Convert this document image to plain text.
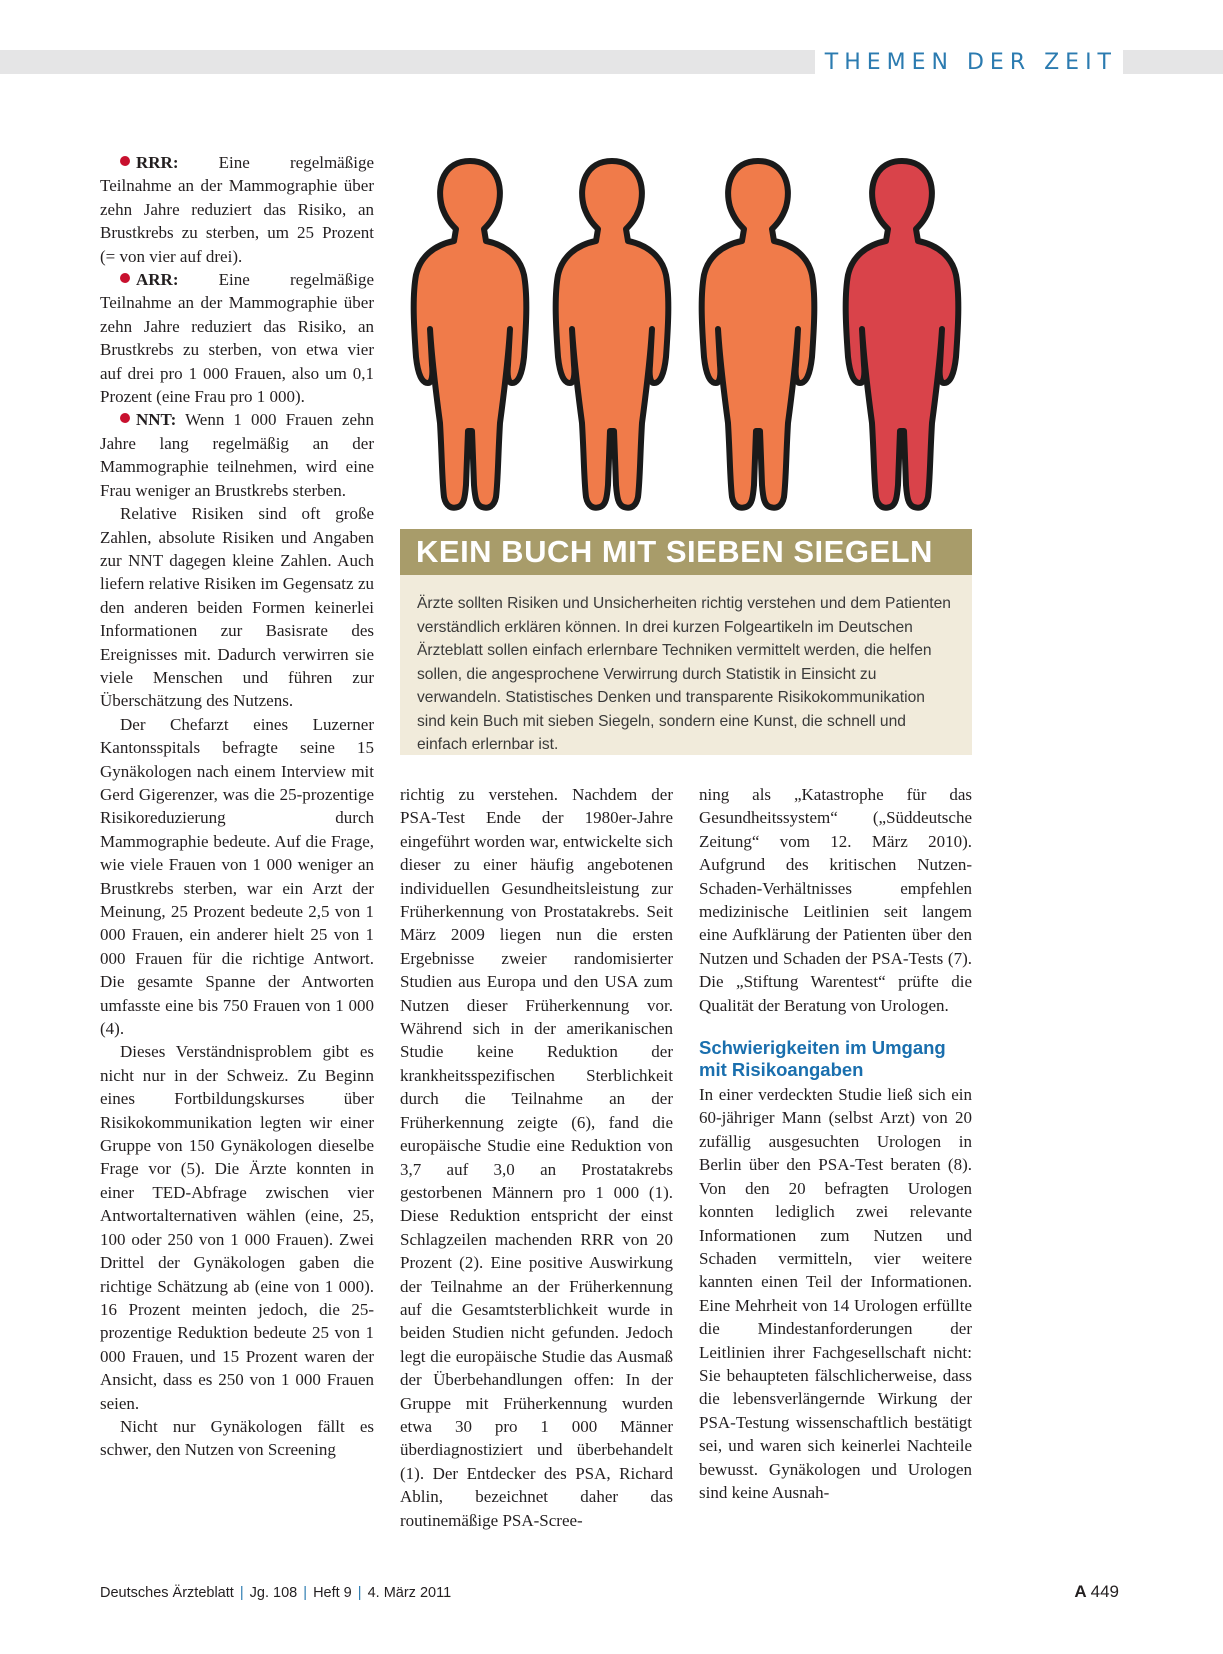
THEMEN DER ZEIT

RRR: Eine regelmäßige Teilnahme an der Mammographie über zehn Jahre reduziert das Risiko, an Brustkrebs zu sterben, um 25 Prozent (= von vier auf drei).

ARR: Eine regelmäßige Teilnahme an der Mammographie über zehn Jahre reduziert das Risiko, an Brustkrebs zu sterben, von etwa vier auf drei pro 1 000 Frauen, also um 0,1 Prozent (eine Frau pro 1 000).

NNT: Wenn 1 000 Frauen zehn Jahre lang regelmäßig an der Mammographie teilnehmen, wird eine Frau weniger an Brustkrebs sterben.

Relative Risiken sind oft große Zahlen, absolute Risiken und Angaben zur NNT dagegen kleine Zahlen. Auch liefern relative Risiken im Gegensatz zu den anderen beiden Formen keinerlei Informationen zur Basisrate des Ereignisses mit. Dadurch verwirren sie viele Menschen und führen zur Überschätzung des Nutzens.

Der Chefarzt eines Luzerner Kantonsspitals befragte seine 15 Gynäkologen nach einem Interview mit Gerd Gigerenzer, was die 25-prozentige Risikoreduzierung durch Mammographie bedeute. Auf die Frage, wie viele Frauen von 1 000 weniger an Brustkrebs sterben, war ein Arzt der Meinung, 25 Prozent bedeute 2,5 von 1 000 Frauen, ein anderer hielt 25 von 1 000 Frauen für die richtige Antwort. Die gesamte Spanne der Antworten umfasste eine bis 750 Frauen von 1 000 (4).

Dieses Verständnisproblem gibt es nicht nur in der Schweiz. Zu Beginn eines Fortbildungskurses über Risikokommunikation legten wir einer Gruppe von 150 Gynäkologen dieselbe Frage vor (5). Die Ärzte konnten in einer TED-Abfrage zwischen vier Antwortalternativen wählen (eine, 25, 100 oder 250 von 1 000 Frauen). Zwei Drittel der Gynäkologen gaben die richtige Schätzung ab (eine von 1 000). 16 Prozent meinten jedoch, die 25-prozentige Reduktion bedeute 25 von 1 000 Frauen, und 15 Prozent waren der Ansicht, dass es 250 von 1 000 Frauen seien.

Nicht nur Gynäkologen fällt es schwer, den Nutzen von Screening

KEIN BUCH MIT SIEBEN SIEGELN
Ärzte sollten Risiken und Unsicherheiten richtig verstehen und dem Patienten verständlich erklären können. In drei kurzen Folgeartikeln im Deutschen Ärzteblatt sollen einfach erlernbare Techniken vermittelt werden, die helfen sollen, die angesprochene Verwirrung durch Statistik in Einsicht zu verwandeln. Statistisches Denken und transparente Risikokommunikation sind kein Buch mit sieben Siegeln, sondern eine Kunst, die schnell und einfach erlernbar ist.

richtig zu verstehen. Nachdem der PSA-Test Ende der 1980er-Jahre eingeführt worden war, entwickelte sich dieser zu einer häufig angebotenen individuellen Gesundheitsleistung zur Früherkennung von Prostatakrebs. Seit März 2009 liegen nun die ersten Ergebnisse zweier randomisierter Studien aus Europa und den USA zum Nutzen dieser Früherkennung vor. Während sich in der amerikanischen Studie keine Reduktion der krankheitsspezifischen Sterblichkeit durch die Teilnahme an der Früherkennung zeigte (6), fand die europäische Studie eine Reduktion von 3,7 auf 3,0 an Prostatakrebs gestorbenen Männern pro 1 000 (1). Diese Reduktion entspricht der einst Schlagzeilen machenden RRR von 20 Prozent (2). Eine positive Auswirkung der Teilnahme an der Früherkennung auf die Gesamtsterblichkeit wurde in beiden Studien nicht gefunden. Jedoch legt die europäische Studie das Ausmaß der Überbehandlungen offen: In der Gruppe mit Früherkennung wurden etwa 30 pro 1 000 Männer überdiagnostiziert und überbehandelt (1). Der Entdecker des PSA, Richard Ablin, bezeichnet daher das routinemäßige PSA-Scree-

ning als „Katastrophe für das Gesundheitssystem“ („Süddeutsche Zeitung“ vom 12. März 2010). Aufgrund des kritischen Nutzen-Schaden-Verhältnisses empfehlen medizinische Leitlinien seit langem eine Aufklärung der Patienten über den Nutzen und Schaden der PSA-Tests (7). Die „Stiftung Warentest“ prüfte die Qualität der Beratung von Urologen.

Schwierigkeiten im Umgang mit Risikoangaben

In einer verdeckten Studie ließ sich ein 60-jähriger Mann (selbst Arzt) von 20 zufällig ausgesuchten Urologen in Berlin über den PSA-Test beraten (8). Von den 20 befragten Urologen konnten lediglich zwei relevante Informationen zum Nutzen und Schaden vermitteln, vier weitere kannten einen Teil der Informationen. Eine Mehrheit von 14 Urologen erfüllte die Mindestanforderungen der Leitlinien ihrer Fachgesellschaft nicht: Sie behaupteten fälschlicherweise, dass die lebensverlängernde Wirkung der PSA-Testung wissenschaftlich bestätigt sei, und waren sich keinerlei Nachteile bewusst. Gynäkologen und Urologen sind keine Ausnah-

Deutsches Ärzteblatt | Jg. 108 | Heft 9 | 4. März 2011	A 449
